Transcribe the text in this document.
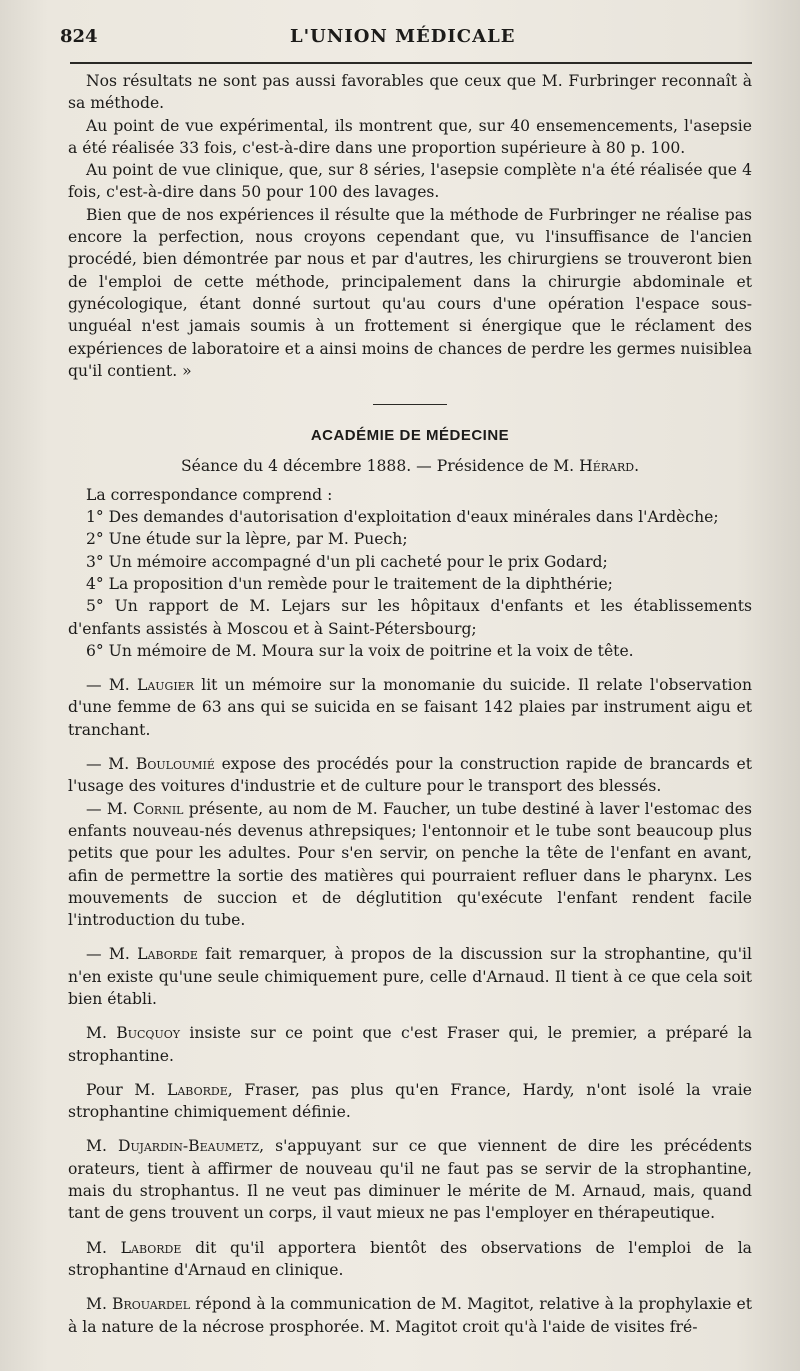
824	L'UNION MÉDICALE

Nos résultats ne sont pas aussi favorables que ceux que M. Furbringer reconnaît à sa méthode.

Au point de vue expérimental, ils montrent que, sur 40 ensemencements, l'asepsie a été réalisée 33 fois, c'est-à-dire dans une proportion supérieure à 80 p. 100.

Au point de vue clinique, que, sur 8 séries, l'asepsie complète n'a été réalisée que 4 fois, c'est-à-dire dans 50 pour 100 des lavages.

Bien que de nos expériences il résulte que la méthode de Furbringer ne réalise pas encore la perfection, nous croyons cependant que, vu l'insuffisance de l'ancien procédé, bien démontrée par nous et par d'autres, les chirurgiens se trouveront bien de l'emploi de cette méthode, principalement dans la chirurgie abdominale et gynécologique, étant donné surtout qu'au cours d'une opération l'espace sous-unguéal n'est jamais soumis à un frottement si énergique que le réclament des expériences de laboratoire et a ainsi moins de chances de perdre les germes nuisiblea qu'il contient. »

ACADÉMIE DE MÉDECINE

Séance du 4 décembre 1888. — Présidence de M. Hérard.

La correspondance comprend :

1° Des demandes d'autorisation d'exploitation d'eaux minérales dans l'Ardèche;

2° Une étude sur la lèpre, par M. Puech;

3° Un mémoire accompagné d'un pli cacheté pour le prix Godard;

4° La proposition d'un remède pour le traitement de la diphthérie;

5° Un rapport de M. Lejars sur les hôpitaux d'enfants et les établissements d'enfants assistés à Moscou et à Saint-Pétersbourg;

6° Un mémoire de M. Moura sur la voix de poitrine et la voix de tête.

— M. Laugier lit un mémoire sur la monomanie du suicide. Il relate l'observation d'une femme de 63 ans qui se suicida en se faisant 142 plaies par instrument aigu et tranchant.

— M. Bouloumié expose des procédés pour la construction rapide de brancards et l'usage des voitures d'industrie et de culture pour le transport des blessés.

— M. Cornil présente, au nom de M. Faucher, un tube destiné à laver l'estomac des enfants nouveau-nés devenus athrepsiques; l'entonnoir et le tube sont beaucoup plus petits que pour les adultes. Pour s'en servir, on penche la tête de l'enfant en avant, afin de permettre la sortie des matières qui pourraient refluer dans le pharynx. Les mouvements de succion et de déglutition qu'exécute l'enfant rendent facile l'introduction du tube.

— M. Laborde fait remarquer, à propos de la discussion sur la strophantine, qu'il n'en existe qu'une seule chimiquement pure, celle d'Arnaud. Il tient à ce que cela soit bien établi.

M. Bucquoy insiste sur ce point que c'est Fraser qui, le premier, a préparé la strophantine.

Pour M. Laborde, Fraser, pas plus qu'en France, Hardy, n'ont isolé la vraie strophantine chimiquement définie.

M. Dujardin-Beaumetz, s'appuyant sur ce que viennent de dire les précédents orateurs, tient à affirmer de nouveau qu'il ne faut pas se servir de la strophantine, mais du strophantus. Il ne veut pas diminuer le mérite de M. Arnaud, mais, quand tant de gens trouvent un corps, il vaut mieux ne pas l'employer en thérapeutique.

M. Laborde dit qu'il apportera bientôt des observations de l'emploi de la strophantine d'Arnaud en clinique.

M. Brouardel répond à la communication de M. Magitot, relative à la prophylaxie et à la nature de la nécrose prosphorée. M. Magitot croit qu'à l'aide de visites fré-
